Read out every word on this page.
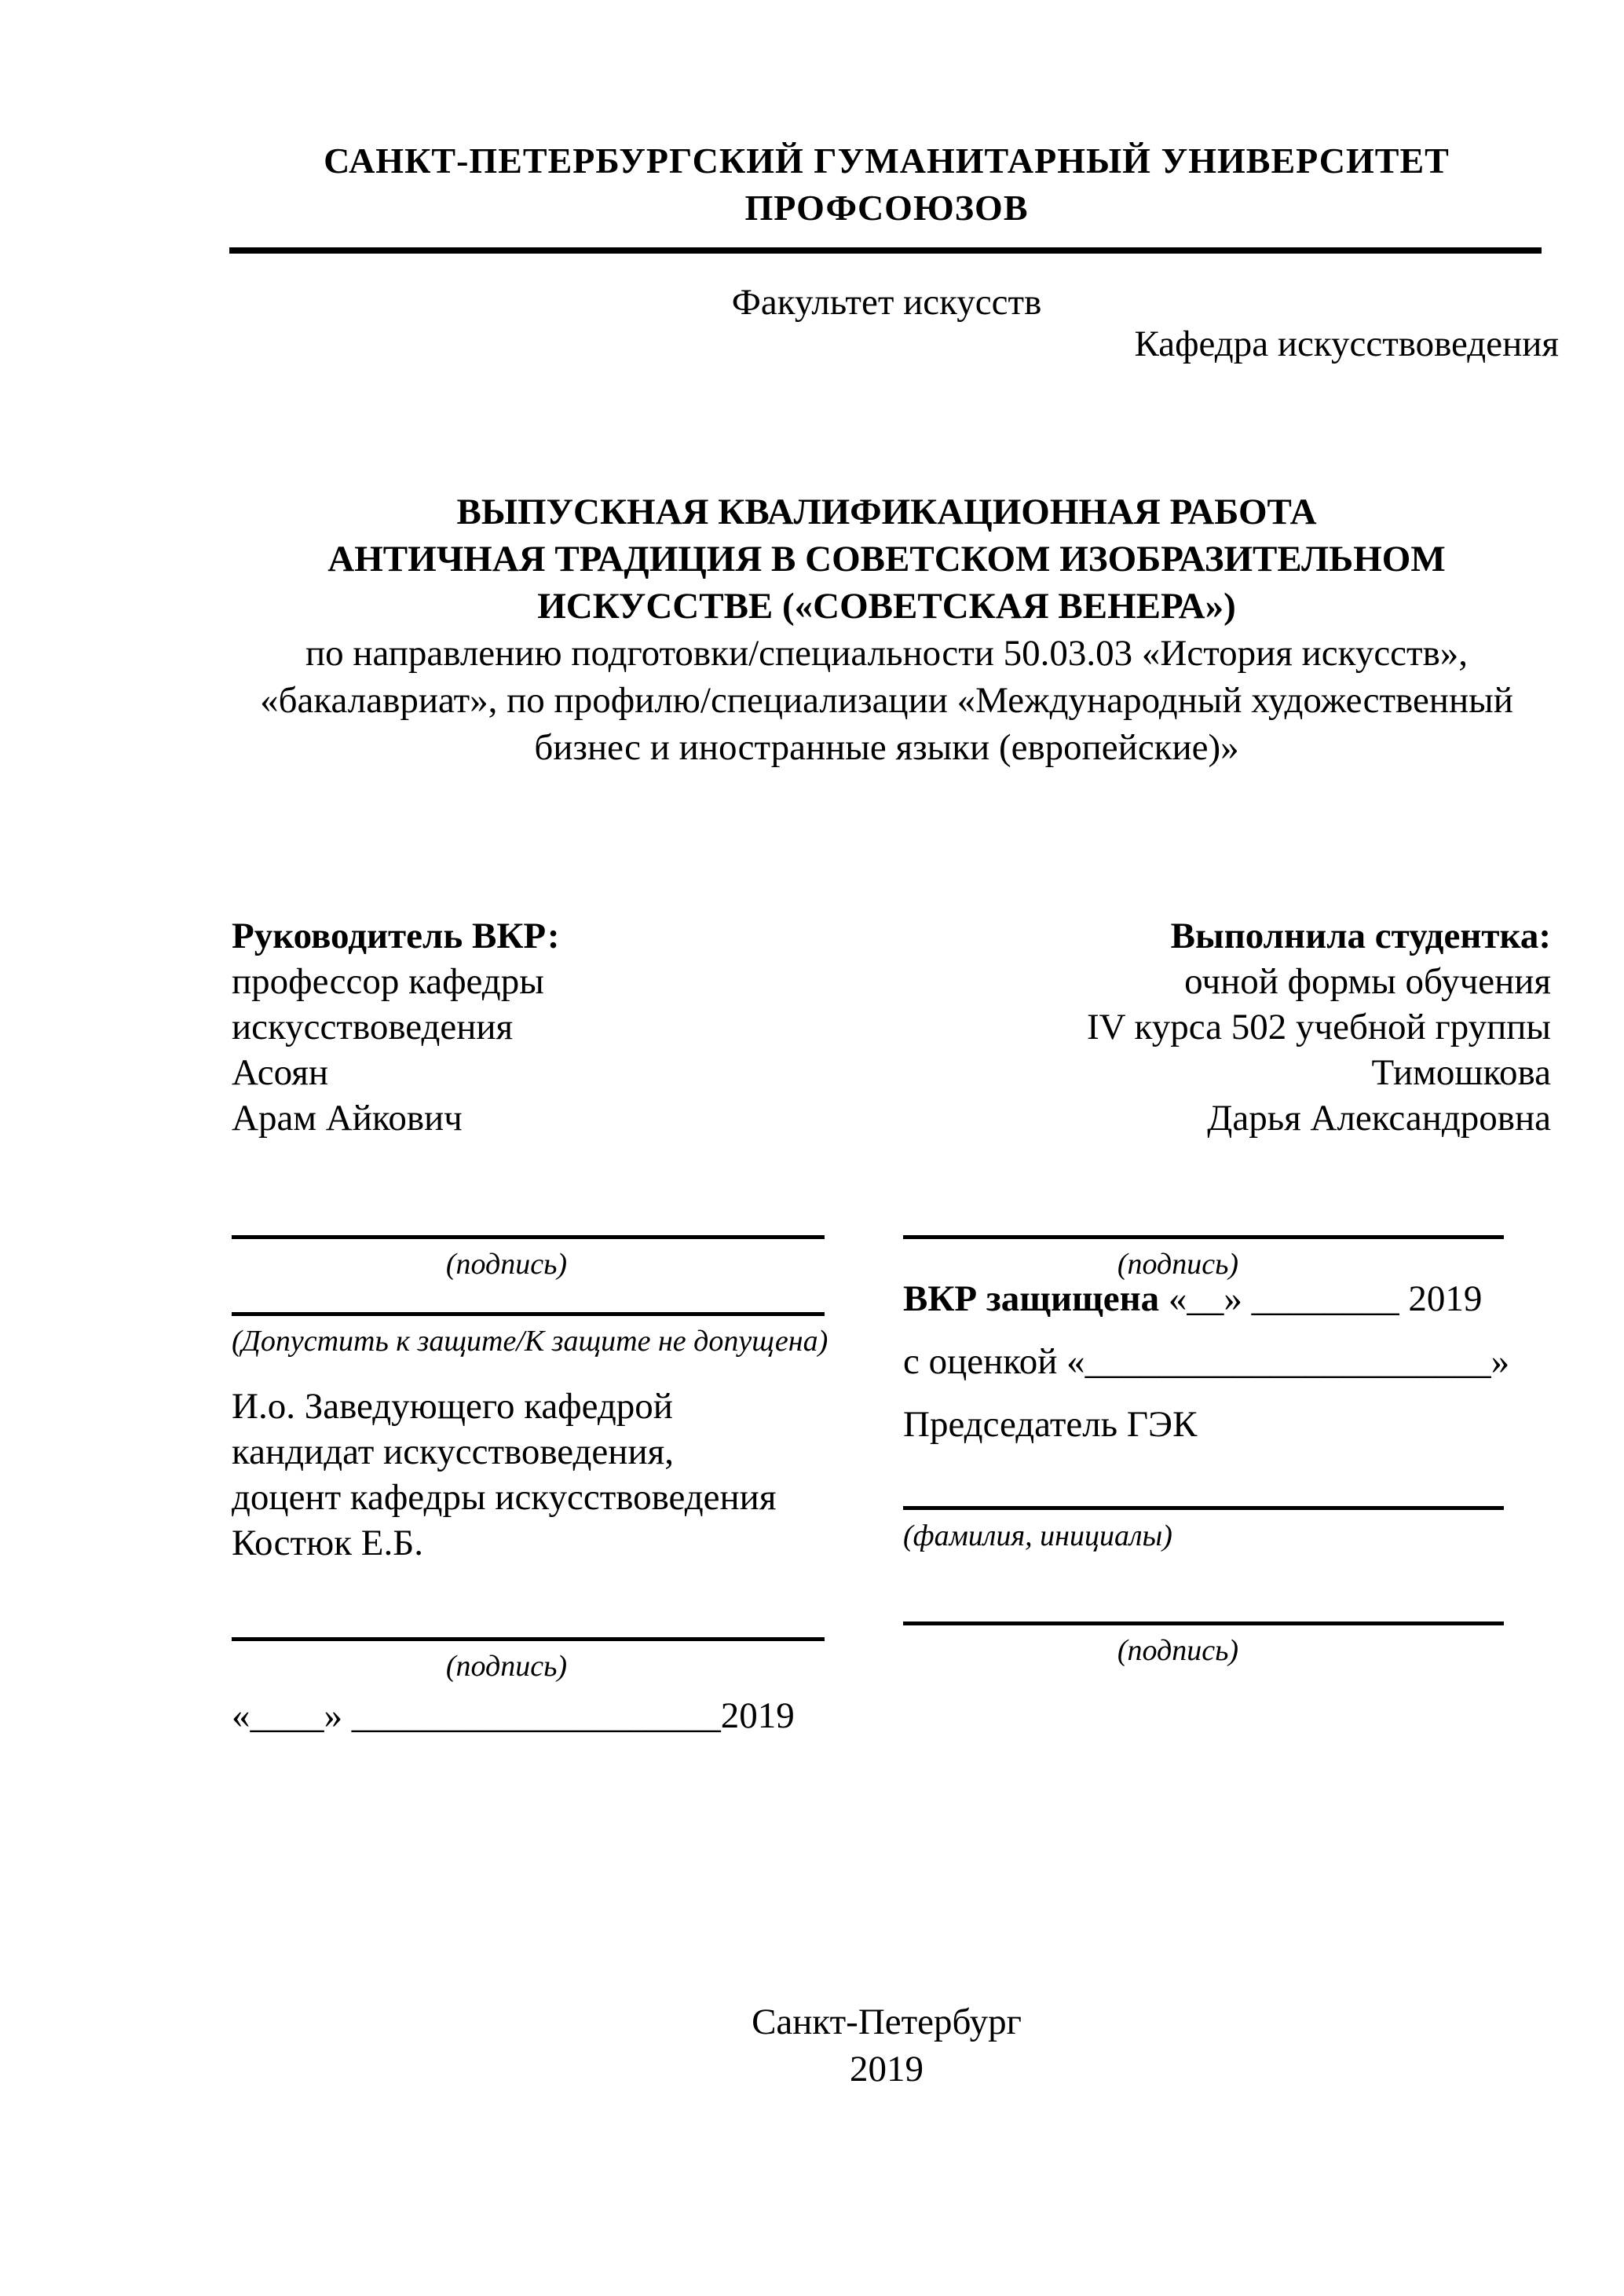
САНКТ-ПЕТЕРБУРГСКИЙ ГУМАНИТАРНЫЙ УНИВЕРСИТЕТ
ПРОФСОЮЗОВ
Факультет искусств
Кафедра искусствоведения
ВЫПУСКНАЯ КВАЛИФИКАЦИОННАЯ РАБОТА
АНТИЧНАЯ ТРАДИЦИЯ В СОВЕТСКОМ ИЗОБРАЗИТЕЛЬНОМ
ИСКУССТВЕ («СОВЕТСКАЯ ВЕНЕРА»)
по направлению подготовки/специальности 50.03.03 «История искусств»,
«бакалавриат», по профилю/специализации «Международный художественный
бизнес и иностранные языки (европейские)»
Руководитель ВКР:
профессор кафедры
искусствоведения
Асоян
Арам Айкович
Выполнила студентка:
очной формы обучения
IV курса 502 учебной группы
Тимошкова
Дарья Александровна
(подпись)
(Допустить к защите/К защите не допущена)
(подпись)
(подпись)
(фамилия, инициалы)
(подпись)
И.о. Заведующего кафедрой
кандидат искусствоведения,
доцент кафедры искусствоведения
Костюк Е.Б.
«____» ____________________2019
ВКР защищена «__» ________ 2019
с оценкой «______________________»
Председатель ГЭК
Санкт-Петербург
2019
